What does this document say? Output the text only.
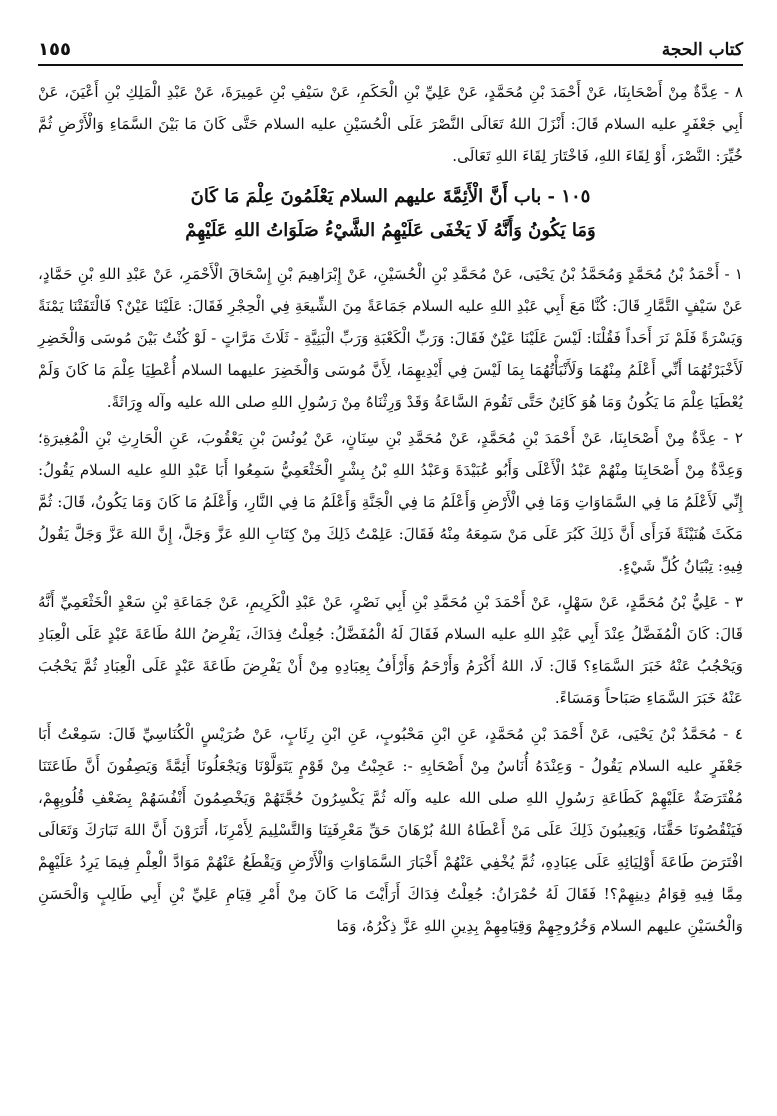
كتاب الحجة
١٥٥

٨ - عِدَّةٌ مِنْ أَصْحَابِنَا، عَنْ أَحْمَدَ بْنِ مُحَمَّدٍ، عَنْ عَلِيِّ بْنِ الْحَكَمِ، عَنْ سَيْفِ بْنِ عَمِيرَةَ، عَنْ عَبْدِ الْمَلِكِ بْنِ أَعْيَنَ، عَنْ أَبِي جَعْفَرٍ عليه السلام قَالَ: أَنْزَلَ اللهُ تَعَالَى النَّصْرَ عَلَى الْحُسَيْنِ عليه السلام حَتَّى كَانَ مَا بَيْنَ السَّمَاءِ وَالْأَرْضِ ثُمَّ خُيِّرَ: النَّصْرَ، أَوْ لِقَاءَ اللهِ، فَاخْتَارَ لِقَاءَ اللهِ تَعَالَى.

١٠٥ - باب أَنَّ الْأَئِمَّةَ عليهم السلام يَعْلَمُونَ عِلْمَ مَا كَانَ
وَمَا يَكُونُ وَأَنَّهُ لَا يَخْفَى عَلَيْهِمُ الشَّيْءُ صَلَوَاتُ اللهِ عَلَيْهِمْ

١ - أَحْمَدُ بْنُ مُحَمَّدٍ وَمُحَمَّدُ بْنُ يَحْيَى، عَنْ مُحَمَّدِ بْنِ الْحُسَيْنِ، عَنْ إِبْرَاهِيمَ بْنِ إِسْحَاقَ الْأَحْمَرِ، عَنْ عَبْدِ اللهِ بْنِ حَمَّادٍ، عَنْ سَيْفٍ التَّمَّارِ قَالَ: كُنَّا مَعَ أَبِي عَبْدِ اللهِ عليه السلام جَمَاعَةً مِنَ الشِّيعَةِ فِي الْحِجْرِ فَقَالَ: عَلَيْنَا عَيْنٌ؟ فَالْتَفَتْنَا يَمْنَةً وَيَسْرَةً فَلَمْ نَرَ أَحَداً فَقُلْنَا: لَيْسَ عَلَيْنَا عَيْنٌ فَقَالَ: وَرَبِّ الْكَعْبَةِ وَرَبِّ الْبَنِيَّةِ - ثَلَاثَ مَرَّاتٍ - لَوْ كُنْتُ بَيْنَ مُوسَى وَالْخَضِرِ لَأَخْبَرْتُهُمَا أَنِّي أَعْلَمُ مِنْهُمَا وَلَأَنْبَأْتُهُمَا بِمَا لَيْسَ فِي أَيْدِيهِمَا، لِأَنَّ مُوسَى وَالْخَضِرَ عليهما السلام أُعْطِيَا عِلْمَ مَا كَانَ وَلَمْ يُعْطَيَا عِلْمَ مَا يَكُونُ وَمَا هُوَ كَائِنٌ حَتَّى تَقُومَ السَّاعَةُ وَقَدْ وَرِثْنَاهُ مِنْ رَسُولِ اللهِ صلى الله عليه وآله وِرَاثَةً.

٢ - عِدَّةٌ مِنْ أَصْحَابِنَا، عَنْ أَحْمَدَ بْنِ مُحَمَّدٍ، عَنْ مُحَمَّدِ بْنِ سِنَانٍ، عَنْ يُونُسَ بْنِ يَعْقُوبَ، عَنِ الْحَارِثِ بْنِ الْمُغِيرَةِ؛ وَعِدَّةٌ مِنْ أَصْحَابِنَا مِنْهُمْ عَبْدُ الْأَعْلَى وَأَبُو عُبَيْدَةَ وَعَبْدُ اللهِ بْنُ بِشْرٍ الْخَثْعَمِيُّ سَمِعُوا أَبَا عَبْدِ اللهِ عليه السلام يَقُولُ: إِنِّي لَأَعْلَمُ مَا فِي السَّمَاوَاتِ وَمَا فِي الْأَرْضِ وَأَعْلَمُ مَا فِي الْجَنَّةِ وَأَعْلَمُ مَا فِي النَّارِ، وَأَعْلَمُ مَا كَانَ وَمَا يَكُونُ، قَالَ: ثُمَّ مَكَثَ هُنَيْئَةً فَرَأَى أَنَّ ذَلِكَ كَبُرَ عَلَى مَنْ سَمِعَهُ مِنْهُ فَقَالَ: عَلِمْتُ ذَلِكَ مِنْ كِتَابِ اللهِ عَزَّ وَجَلَّ، إِنَّ اللهَ عَزَّ وَجَلَّ يَقُولُ فِيهِ: تِبْيَانُ كُلِّ شَيْءٍ.

٣ - عَلِيُّ بْنُ مُحَمَّدٍ، عَنْ سَهْلٍ، عَنْ أَحْمَدَ بْنِ مُحَمَّدِ بْنِ أَبِي نَصْرٍ، عَنْ عَبْدِ الْكَرِيمِ، عَنْ جَمَاعَةِ بْنِ سَعْدٍ الْخَثْعَمِيِّ أَنَّهُ قَالَ: كَانَ الْمُفَضَّلُ عِنْدَ أَبِي عَبْدِ اللهِ عليه السلام فَقَالَ لَهُ الْمُفَضَّلُ: جُعِلْتُ فِدَاكَ، يَفْرِضُ اللهُ طَاعَةَ عَبْدٍ عَلَى الْعِبَادِ وَيَحْجُبُ عَنْهُ خَبَرَ السَّمَاءِ؟ قَالَ: لَا، اللهُ أَكْرَمُ وَأَرْحَمُ وَأَرْأَفُ بِعِبَادِهِ مِنْ أَنْ يَفْرِضَ طَاعَةَ عَبْدٍ عَلَى الْعِبَادِ ثُمَّ يَحْجُبَ عَنْهُ خَبَرَ السَّمَاءِ صَبَاحاً وَمَسَاءً.

٤ - مُحَمَّدُ بْنُ يَحْيَى، عَنْ أَحْمَدَ بْنِ مُحَمَّدٍ، عَنِ ابْنِ مَحْبُوبٍ، عَنِ ابْنِ رِئَابٍ، عَنْ ضُرَيْسٍ الْكُنَاسِيِّ قَالَ: سَمِعْتُ أَبَا جَعْفَرٍ عليه السلام يَقُولُ - وَعِنْدَهُ أُنَاسٌ مِنْ أَصْحَابِهِ -: عَجِبْتُ مِنْ قَوْمٍ يَتَوَلَّوْنَا وَيَجْعَلُونَا أَئِمَّةً وَيَصِفُونَ أَنَّ طَاعَتَنَا مُفْتَرَضَةٌ عَلَيْهِمْ كَطَاعَةِ رَسُولِ اللهِ صلى الله عليه وآله ثُمَّ يَكْسِرُونَ حُجَّتَهُمْ وَيَخْصِمُونَ أَنْفُسَهُمْ بِضَعْفِ قُلُوبِهِمْ، فَيَنْقُصُونَا حَقَّنَا، وَيَعِيبُونَ ذَلِكَ عَلَى مَنْ أَعْطَاهُ اللهُ بُرْهَانَ حَقِّ مَعْرِفَتِنَا وَالتَّسْلِيمَ لِأَمْرِنَا، أَتَرَوْنَ أَنَّ اللهَ تَبَارَكَ وَتَعَالَى افْتَرَضَ طَاعَةَ أَوْلِيَائِهِ عَلَى عِبَادِهِ، ثُمَّ يُخْفِي عَنْهُمْ أَخْبَارَ السَّمَاوَاتِ وَالْأَرْضِ وَيَقْطَعُ عَنْهُمْ مَوَادَّ الْعِلْمِ فِيمَا يَرِدُ عَلَيْهِمْ مِمَّا فِيهِ قِوَامُ دِينِهِمْ؟! فَقَالَ لَهُ حُمْرَانُ: جُعِلْتُ فِدَاكَ أَرَأَيْتَ مَا كَانَ مِنْ أَمْرِ قِيَامِ عَلِيِّ بْنِ أَبِي طَالِبٍ وَالْحَسَنِ وَالْحُسَيْنِ عليهم السلام وَخُرُوجِهِمْ وَقِيَامِهِمْ بِدِينِ اللهِ عَزَّ ذِكْرُهُ، وَمَا
